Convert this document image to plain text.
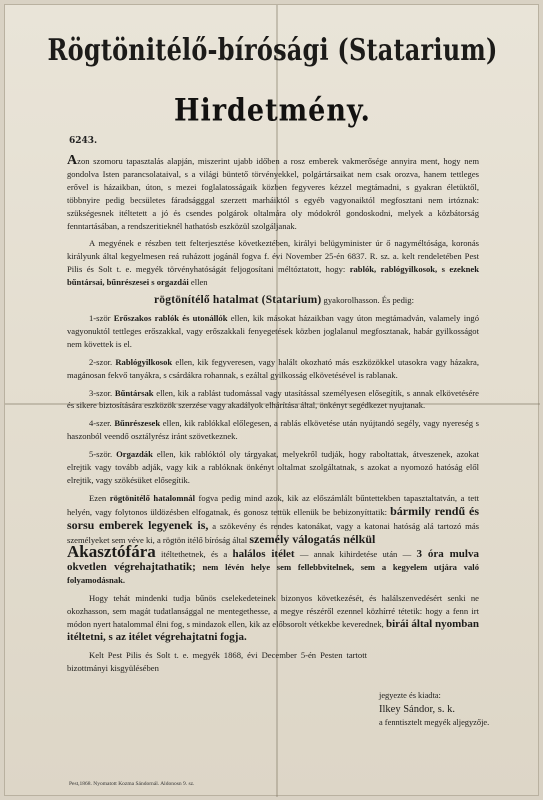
Rögtönitélő-bírósági (Statarium)
Hirdetmény.
6243.

Azon szomoru tapasztalás alapján, miszerint ujabb időben a rosz emberek vakmerősége annyira ment, hogy nem gondolva Isten parancsolataival, s a világi büntető törvényekkel, polgártársaikat nem csak orozva, hanem tettleges erővel is házaikban, úton, s mezei foglalatosságaik közben fegyveres kézzel megtámadni, s gyakran életüktől, többnyire pedig becsületes fáradságggal szerzett marháiktól s egyéb vagyonaiktól megfosztani nem irtóznak: szükségesnek itéltetett a jó és csendes polgárok oltalmára oly módokról gondoskodni, melyek a közbátorság fenntartásában, a rendszeritieknél hathatósb eszközül szolgáljanak.

A megyének e részben tett felterjesztése következtében, királyi belügyminister úr ő nagyméltósága, koronás királyunk által kegyelmesen reá ruházott jogánál fogva f. évi November 25-én 6837. R. sz. a. kelt rendeletében Pest Pilis és Solt t. e. megyék törvényhatóságát feljogosítani méltóztatott, hogy: rablók, rablógyilkosok, s ezeknek bűntársai, bűnrészesei s orgazdái ellen

rögtönítélő hatalmat (Statarium) gyakorolhasson. És pedig:

1-ször Erőszakos rablók és utonállók ellen, kik másokat házaikban vagy úton megtámadván, valamely ingó vagyonuktól tettleges erőszakkal, vagy erőszakkali fenyegetések közben joglalanul megfosztanak, habár gyilkosságot nem követtek is el.

2-szor. Rablógyilkosok ellen, kik fegyveresen, vagy halált okozható más eszközökkel utasokra vagy házakra, magánosan fekvő tanyákra, s csárdákra rohannak, s ezáltal gyilkosság elkövetésével is rablanak.

3-szor. Bűntársak ellen, kik a rablást tudomással vagy utasítással személyesen elősegítik, s annak elkövetésére és sikere biztosítására eszközök szerzése vagy akadályok elhárítása által, önkényt segédkezet nyujtanak.

4-szer. Bűnrészesek ellen, kik rablókkal előlegesen, a rablás elkövetése után nyújtandó segély, vagy nyereség s haszonból veendő osztályrész iránt szövetkeznek.

5-ször. Orgazdák ellen, kik rablóktól oly tárgyakat, melyekről tudják, hogy raboltattak, átveszenek, azokat elrejtik vagy tovább adják, vagy kik a rablóknak önkényt oltalmat szolgáltatnak, s azokat a nyomozó hatóság elől elrejtik, vagy szökésüket elősegítik.

Ezen rögtönitélő hatalomnál fogva pedig mind azok, kik az előszámlált bűntettekben tapasztaltatván, a tett helyén, vagy folytonos üldözésben elfogatnak, és gonosz tettük ellenük be bebizonyíttatik: bármily rendű és sorsu emberek legyenek is, a szökevény és rendes katonákat, vagy a katonai hatóság alá tartozó más személyeket sem véve ki, a rögtön itélő bíróság által személy válogatás nélkül
Akasztófára itéltethetnek, és a halálos itélet — annak kihirdetése után — 3 óra mulva okvetlen végrehajtathatik; nem lévén helye sem fellebbvitelnek, sem a kegyelem utjára való folyamodásnak.

Hogy tehát mindenki tudja bűnös cselekedeteinek bizonyos következését, és halálszenvedésért senki ne okozhasson, sem magát tudatlansággal ne mentegethesse, a megye részéről ezennel közhírré tétetik: hogy a fenn irt módon nyert hatalommal élni fog, s mindazok ellen, kik az előbsorolt vétkekbe keverednek, birái által nyomban itéltetni, s az itélet végrehajtatni fogja.

Kelt Pest Pilis és Solt t. e. megyék 1868, évi December 5-én Pesten tartott bizottmányi kisgyülésében

jegyezte és kiadta:
Ilkey Sándor, s. k.
a fenntisztelt megyék aljegyzője.
Pest,1868. Nyomatott Kozma Sándornál. Aldonosn 9. sz.
